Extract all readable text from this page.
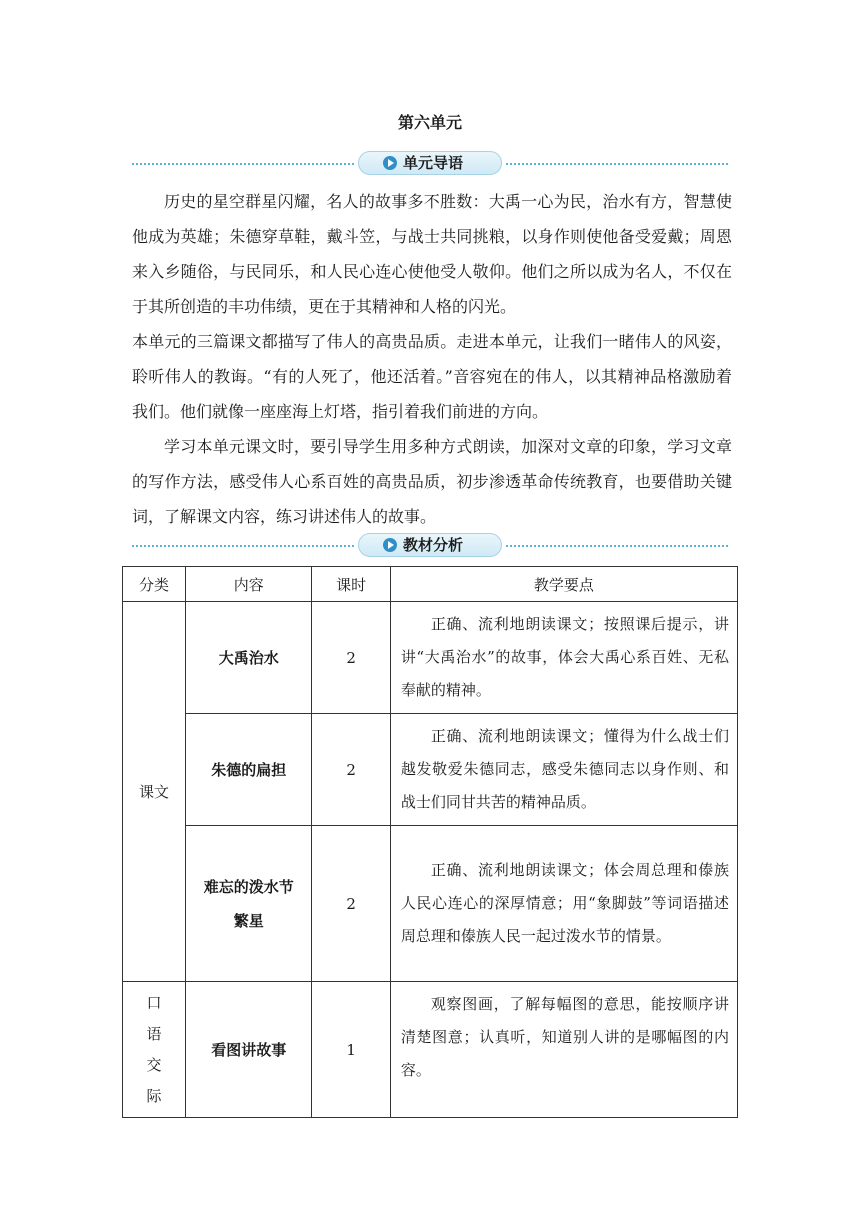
第六单元
单元导语

历史的星空群星闪耀，名人的故事多不胜数：大禹一心为民，治水有方，智慧使他成为英雄；朱德穿草鞋，戴斗笠，与战士共同挑粮，以身作则使他备受爱戴；周恩来入乡随俗，与民同乐，和人民心连心使他受人敬仰。他们之所以成为名人，不仅在于其所创造的丰功伟绩，更在于其精神和人格的闪光。

本单元的三篇课文都描写了伟人的高贵品质。走进本单元，让我们一睹伟人的风姿，聆听伟人的教诲。“有的人死了，他还活着。”音容宛在的伟人，以其精神品格激励着我们。他们就像一座座海上灯塔，指引着我们前进的方向。

学习本单元课文时，要引导学生用多种方式朗读，加深对文章的印象，学习文章的写作方法，感受伟人心系百姓的高贵品质，初步渗透革命传统教育，也要借助关键词，了解课文内容，练习讲述伟人的故事。

教材分析
分类	内容	课时	教学要点
课文	大禹治水	2	正确、流利地朗读课文；按照课后提示，讲讲“大禹治水”的故事，体会大禹心系百姓、无私奉献的精神。

	朱德的扁担	2	正确、流利地朗读课文；懂得为什么战士们越发敬爱朱德同志，感受朱德同志以身作则、和战士们同甘共苦的精神品质。

	难忘的泼水节
繁星	2	正确、流利地朗读课文；体会周总理和傣族人民心连心的深厚情意；用“象脚鼓”等词语描述周总理和傣族人民一起过泼水节的情景。

口
语
交
际	看图讲故事	1	观察图画，了解每幅图的意思，能按顺序讲清楚图意；认真听，知道别人讲的是哪幅图的内容。
